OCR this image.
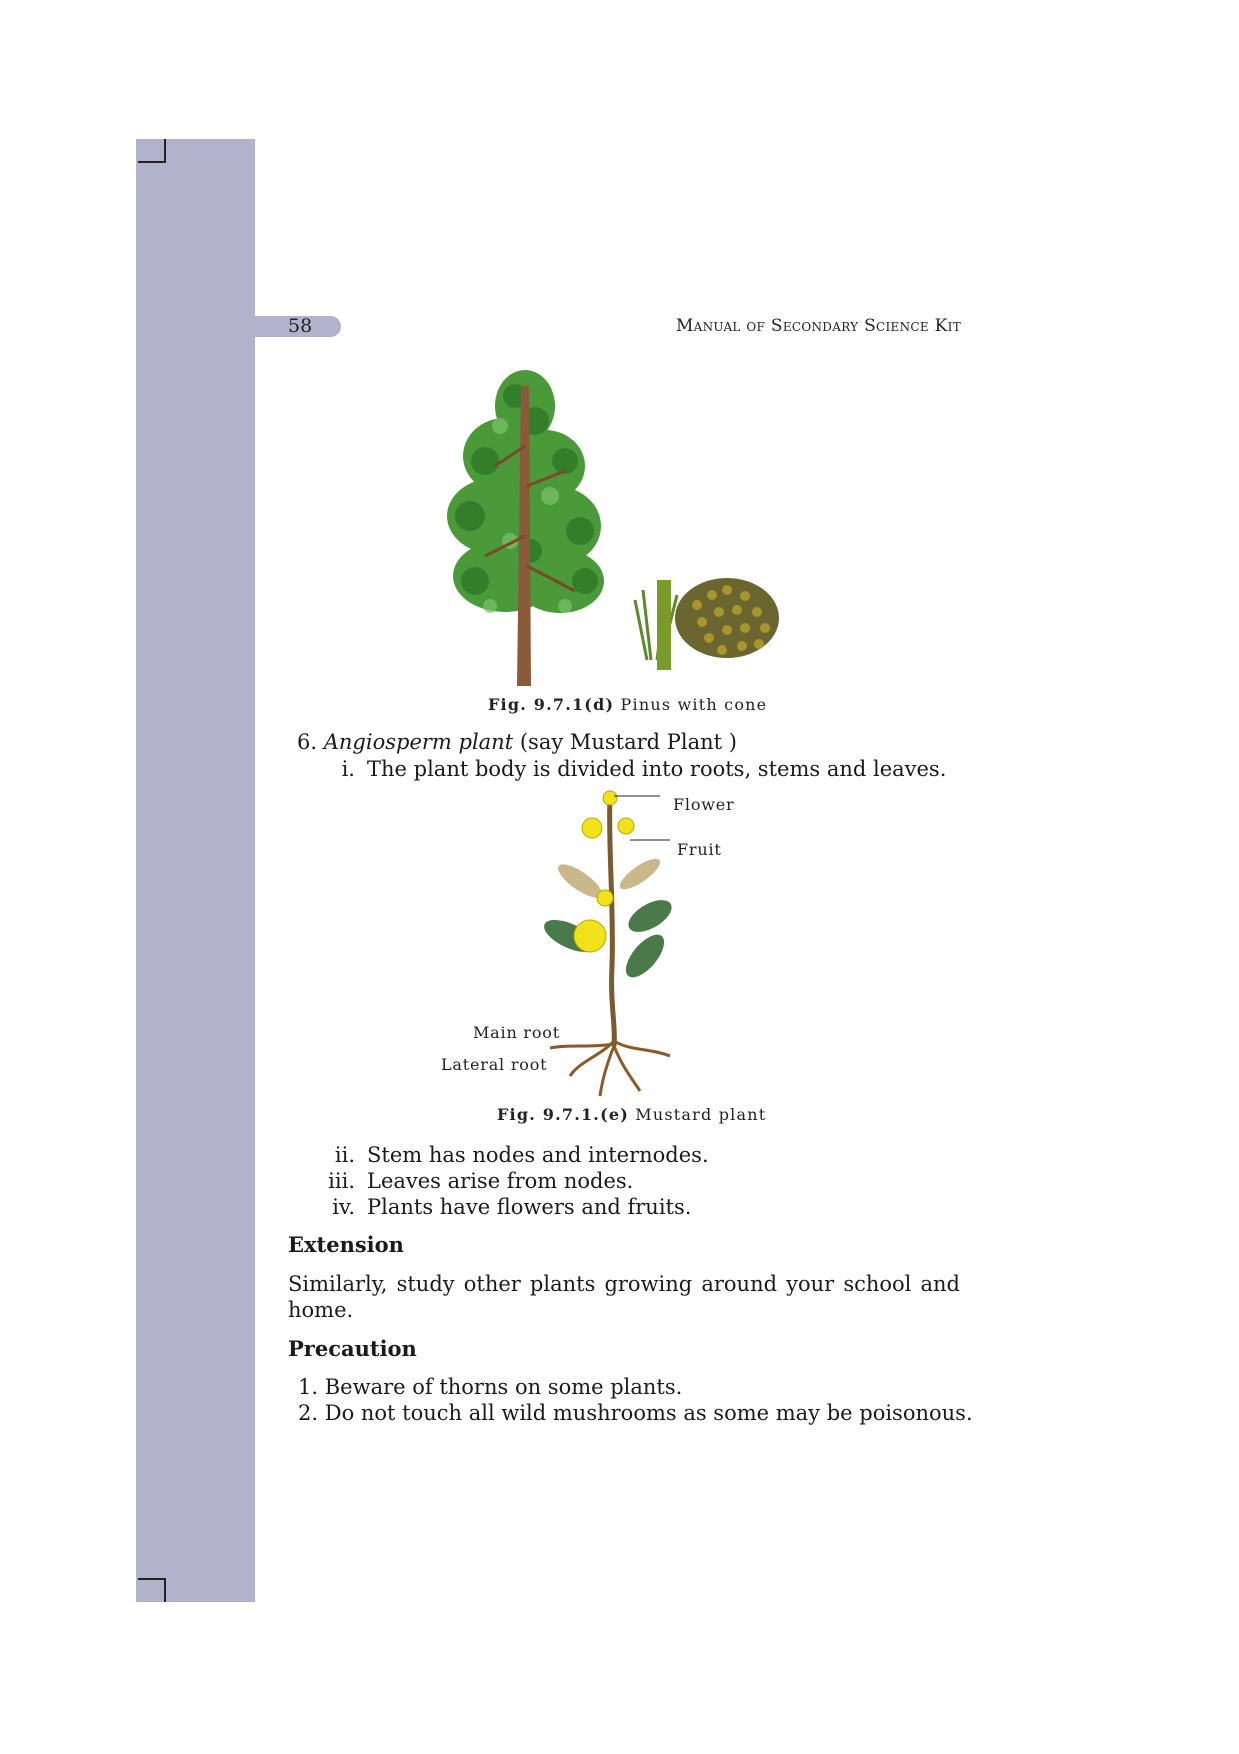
58	Manual of Secondary Science Kit
Fig. 9.7.1(d) Pinus with cone
6. Angiosperm plant (say Mustard Plant )
i. The plant body is divided into roots, stems and leaves.
Flower
Fruit
Main root
Lateral root
Fig. 9.7.1.(e) Mustard plant
ii. Stem has nodes and internodes.
iii. Leaves arise from nodes.
iv. Plants have flowers and fruits.
Extension
Similarly, study other plants growing around your school and home.
Precaution
1. Beware of thorns on some plants.
2. Do not touch all wild mushrooms as some may be poisonous.
